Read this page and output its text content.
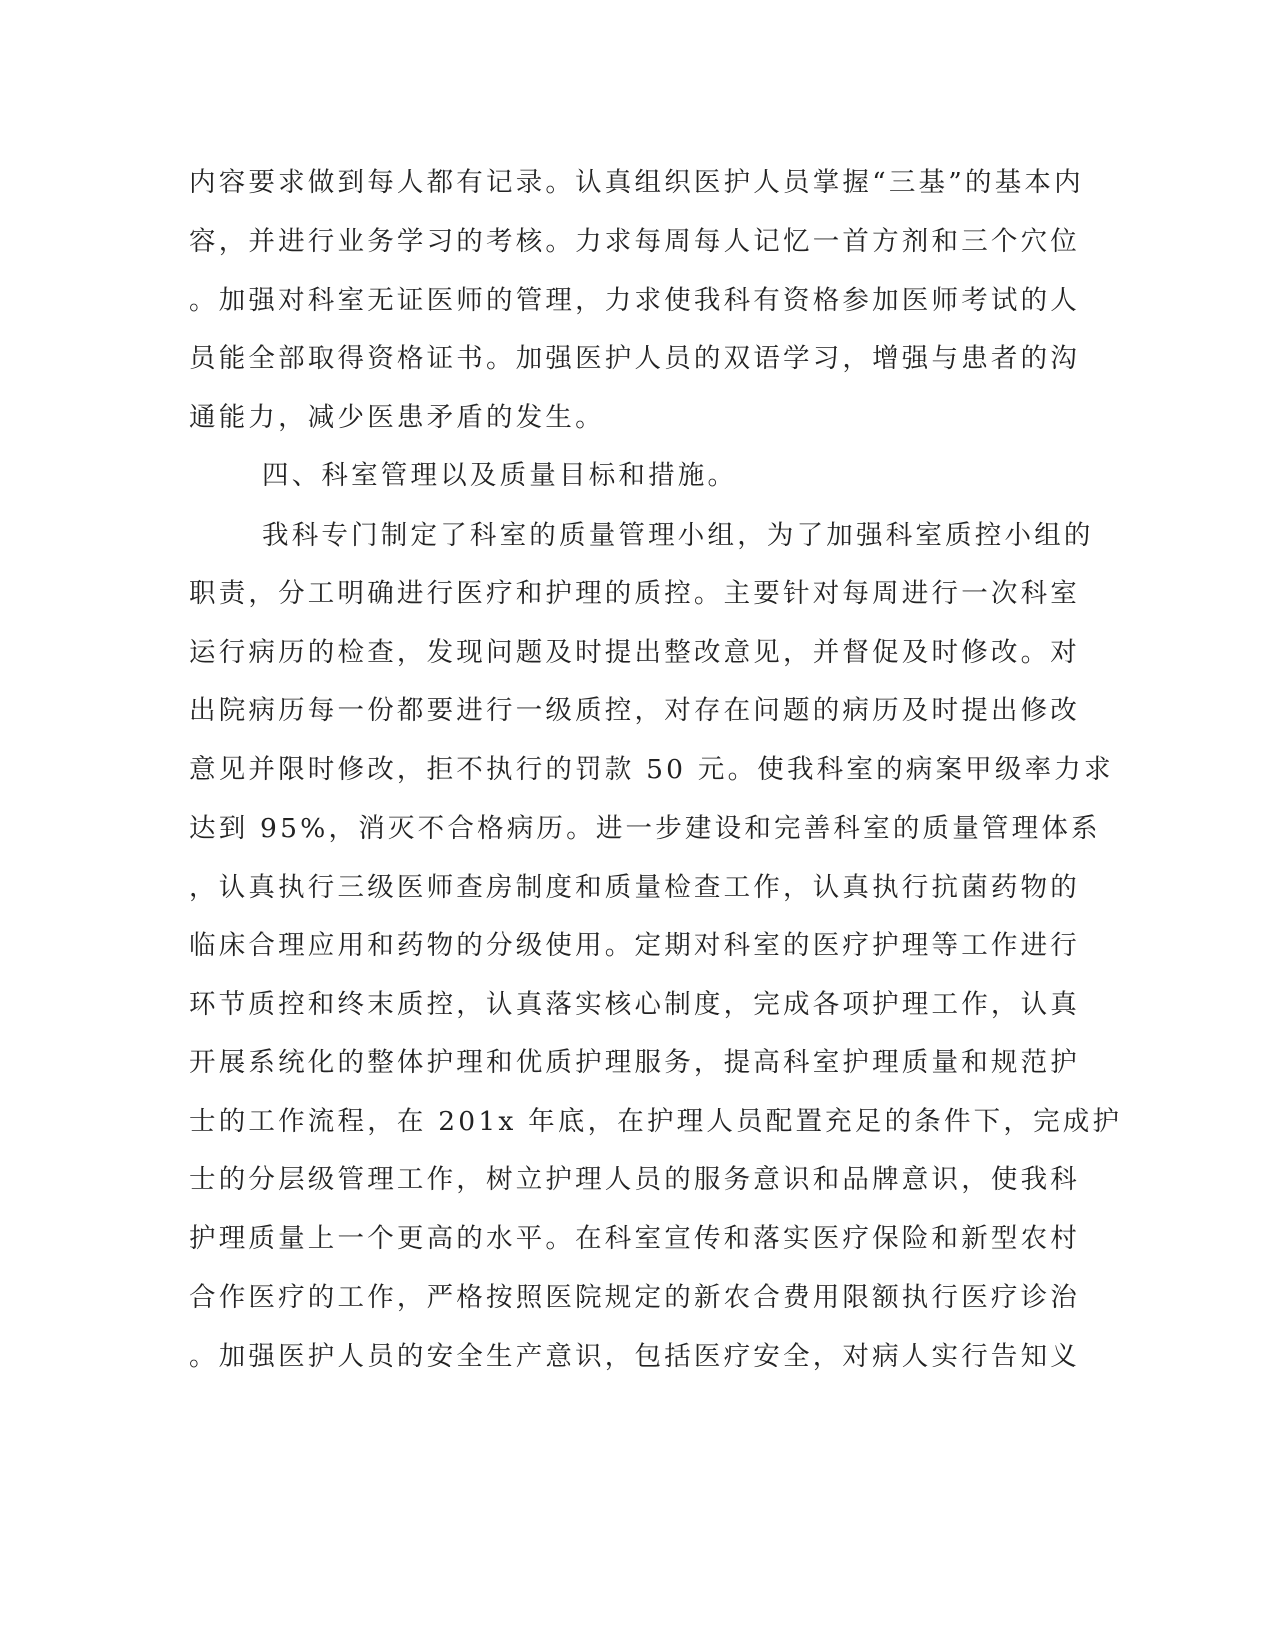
内容要求做到每人都有记录。认真组织医护人员掌握“三基”的基本内
容，并进行业务学习的考核。力求每周每人记忆一首方剂和三个穴位
。加强对科室无证医师的管理，力求使我科有资格参加医师考试的人
员能全部取得资格证书。加强医护人员的双语学习，增强与患者的沟
通能力，减少医患矛盾的发生。
四、科室管理以及质量目标和措施。
我科专门制定了科室的质量管理小组，为了加强科室质控小组的
职责，分工明确进行医疗和护理的质控。主要针对每周进行一次科室
运行病历的检查，发现问题及时提出整改意见，并督促及时修改。对
出院病历每一份都要进行一级质控，对存在问题的病历及时提出修改
意见并限时修改，拒不执行的罚款 50 元。使我科室的病案甲级率力求
达到 95%，消灭不合格病历。进一步建设和完善科室的质量管理体系
，认真执行三级医师查房制度和质量检查工作，认真执行抗菌药物的
临床合理应用和药物的分级使用。定期对科室的医疗护理等工作进行
环节质控和终末质控，认真落实核心制度，完成各项护理工作，认真
开展系统化的整体护理和优质护理服务，提高科室护理质量和规范护
士的工作流程，在 201x 年底，在护理人员配置充足的条件下，完成护
士的分层级管理工作，树立护理人员的服务意识和品牌意识，使我科
护理质量上一个更高的水平。在科室宣传和落实医疗保险和新型农村
合作医疗的工作，严格按照医院规定的新农合费用限额执行医疗诊治
。加强医护人员的安全生产意识，包括医疗安全，对病人实行告知义
